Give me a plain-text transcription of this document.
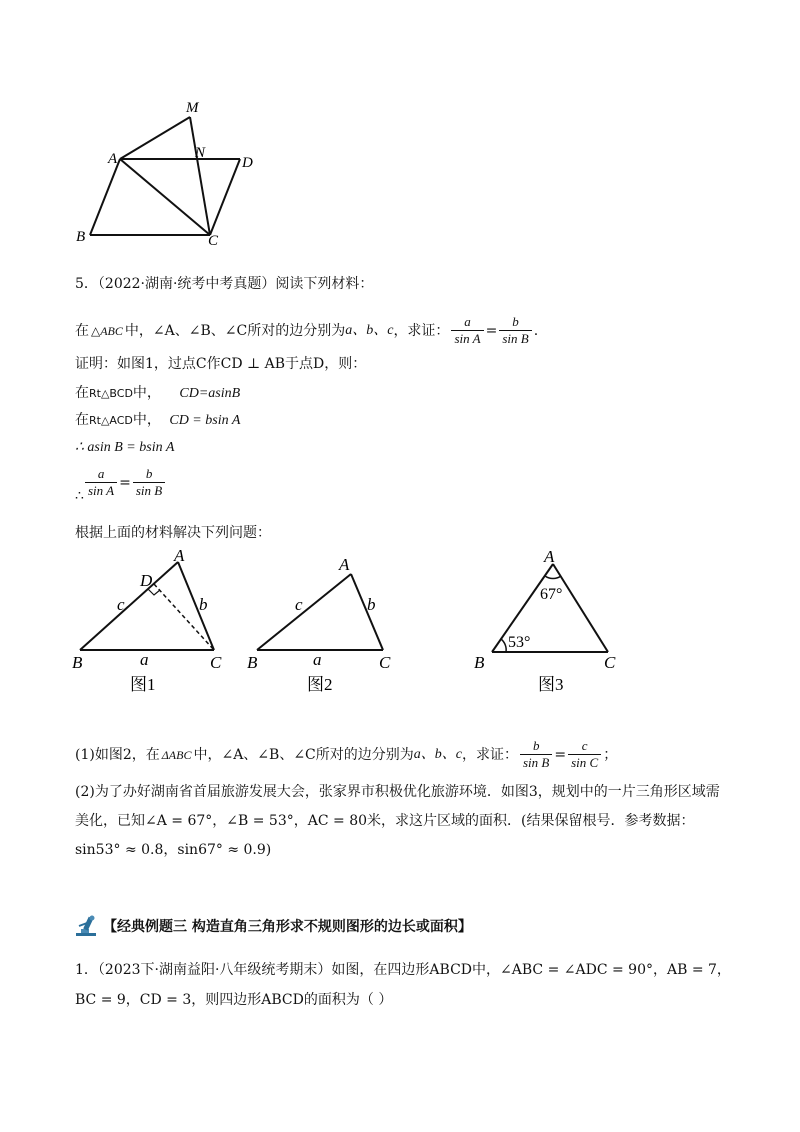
M
A	N
D
B	C
5．（2022·湖南·统考中考真题）阅读下列材料：
在 △ABC 中，∠A、∠B、∠C所对的边分别为 a、b、c ，求证： $\frac{a}{\text{sin A}} = \frac{b}{\text{sin B}}$ .
证明：如图1，过点C作CD ⊥ AB于点D，则：
在Rt△BCD中， CD=asinB
在Rt△ACD中， CD = bsin A
∴ asin B = bsin A
$\frac{a}{\text{sin A}} = \frac{b}{\text{sin B}}$
∴
根据上面的材料解决下列问题：
A
D
c	b
a
B	C
图1
A
c	b
a
B	C
图2
A
67°
53°
B	C
图3
(1)如图2，在 ΔABC 中，∠A、∠B、∠C所对的边分别为 a、b、c ，求证： $\frac{b}{\text{sin B}} = \frac{c}{\text{sin C}}$ ；
(2)为了办好湖南省首届旅游发展大会，张家界市积极优化旅游环境．如图3，规划中的一片三角形区域需
美化，已知∠A = 67°，∠B = 53°，AC = 80米，求这片区域的面积．(结果保留根号．参考数据：
sin53° ≈ 0.8，sin67° ≈ 0.9)
【经典例题三 构造直角三角形求不规则图形的边长或面积】
1．（2023下·湖南益阳·八年级统考期末）如图，在四边形ABCD中，∠ABC = ∠ADC = 90°，AB = 7，
BC = 9，CD = 3，则四边形ABCD的面积为（ ）
